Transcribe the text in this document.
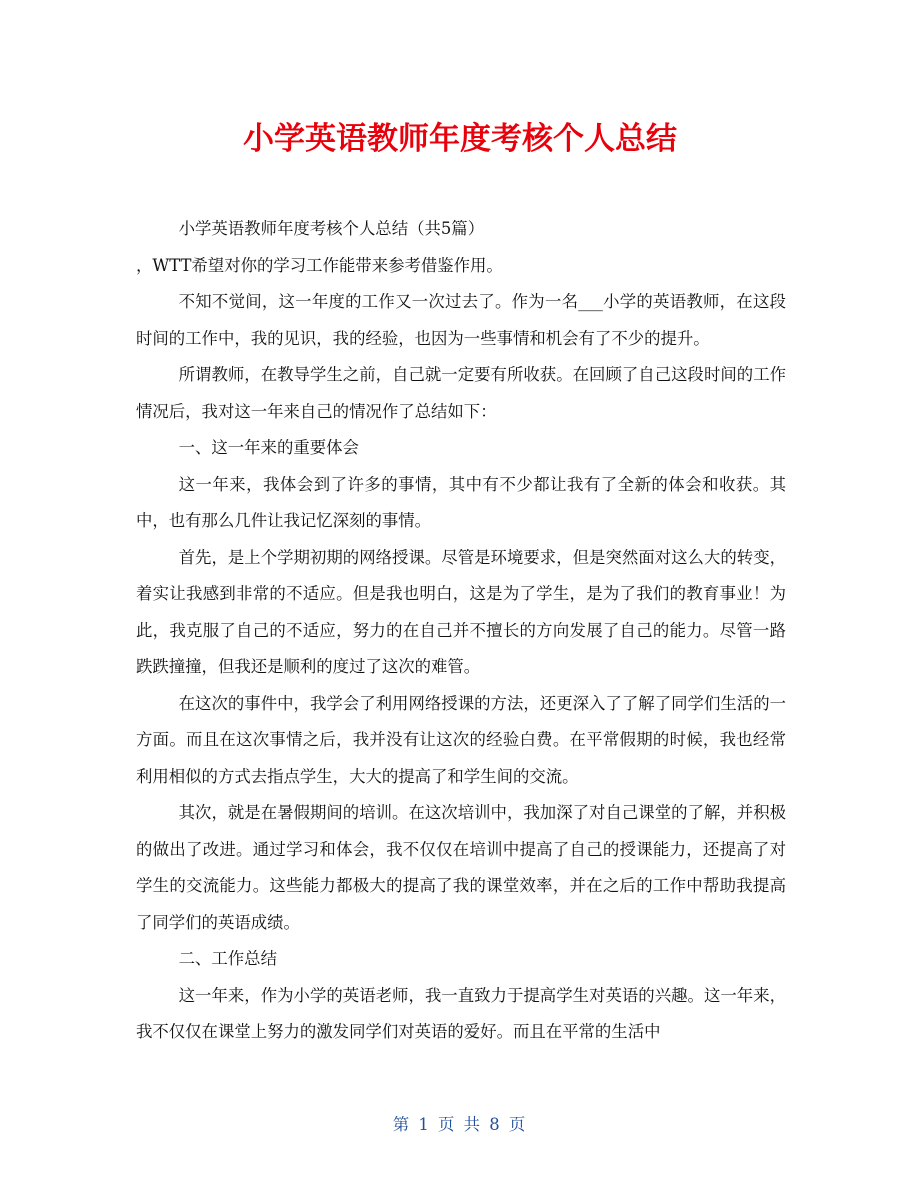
小学英语教师年度考核个人总结

小学英语教师年度考核个人总结（共5篇）

，WTT希望对你的学习工作能带来参考借鉴作用。

不知不觉间，这一年度的工作又一次过去了。作为一名___小学的英语教师，在这段时间的工作中，我的见识，我的经验，也因为一些事情和机会有了不少的提升。

所谓教师，在教导学生之前，自己就一定要有所收获。在回顾了自己这段时间的工作情况后，我对这一年来自己的情况作了总结如下：

一、这一年来的重要体会

这一年来，我体会到了许多的事情，其中有不少都让我有了全新的体会和收获。其中，也有那么几件让我记忆深刻的事情。

首先，是上个学期初期的网络授课。尽管是环境要求，但是突然面对这么大的转变，着实让我感到非常的不适应。但是我也明白，这是为了学生，是为了我们的教育事业！为此，我克服了自己的不适应，努力的在自己并不擅长的方向发展了自己的能力。尽管一路跌跌撞撞，但我还是顺利的度过了这次的难管。

在这次的事件中，我学会了利用网络授课的方法，还更深入了了解了同学们生活的一方面。而且在这次事情之后，我并没有让这次的经验白费。在平常假期的时候，我也经常利用相似的方式去指点学生，大大的提高了和学生间的交流。

其次，就是在暑假期间的培训。在这次培训中，我加深了对自己课堂的了解，并积极的做出了改进。通过学习和体会，我不仅仅在培训中提高了自己的授课能力，还提高了对学生的交流能力。这些能力都极大的提高了我的课堂效率，并在之后的工作中帮助我提高了同学们的英语成绩。

二、工作总结

这一年来，作为小学的英语老师，我一直致力于提高学生对英语的兴趣。这一年来，我不仅仅在课堂上努力的激发同学们对英语的爱好。而且在平常的生活中

第 1 页 共 8 页
